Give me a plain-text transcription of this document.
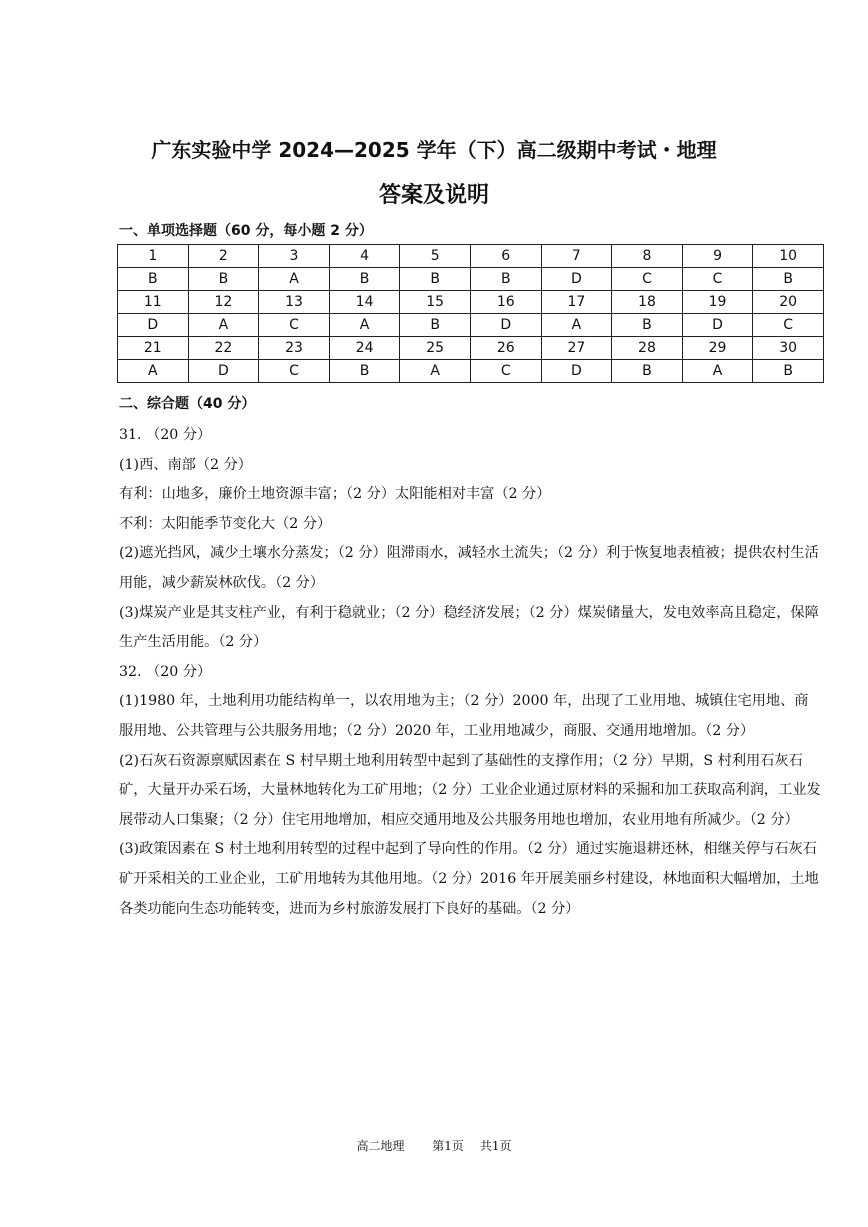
广东实验中学 2024—2025 学年（下）高二级期中考试・地理
答案及说明
一、单项选择题（60 分，每小题 2 分）
1	2	3	4	5	6	7	8	9	10
B	B	A	B	B	B	D	C	C	B
11	12	13	14	15	16	17	18	19	20
D	A	C	A	B	D	A	B	D	C
21	22	23	24	25	26	27	28	29	30
A	D	C	B	A	C	D	B	A	B
二、综合题（40 分）

31. （20 分）

(1)西、南部（2 分）

有利：山地多，廉价土地资源丰富；（2 分）太阳能相对丰富（2 分）

不利：太阳能季节变化大（2 分）

(2)遮光挡风，减少土壤水分蒸发；（2 分）阻滞雨水，减轻水土流失；（2 分）利于恢复地表植被；提供农村生活用能，减少薪炭林砍伐。（2 分）

(3)煤炭产业是其支柱产业，有利于稳就业；（2 分）稳经济发展；（2 分）煤炭储量大，发电效率高且稳定，保障生产生活用能。（2 分）

32. （20 分）

(1)1980 年，土地利用功能结构单一，以农用地为主；（2 分）2000 年，出现了工业用地、城镇住宅用地、商服用地、公共管理与公共服务用地；（2 分）2020 年，工业用地减少，商服、交通用地增加。（2 分）

(2)石灰石资源禀赋因素在 S 村早期土地利用转型中起到了基础性的支撑作用；（2 分）早期，S 村利用石灰石矿，大量开办采石场，大量林地转化为工矿用地；（2 分）工业企业通过原材料的采掘和加工获取高利润，工业发展带动人口集聚；（2 分）住宅用地增加，相应交通用地及公共服务用地也增加，农业用地有所减少。（2 分）

(3)政策因素在 S 村土地利用转型的过程中起到了导向性的作用。（2 分）通过实施退耕还林，相继关停与石灰石矿开采相关的工业企业，工矿用地转为其他用地。（2 分）2016 年开展美丽乡村建设，林地面积大幅增加，土地各类功能向生态功能转变，进而为乡村旅游发展打下良好的基础。（2 分）

高二地理 第1页 共1页
